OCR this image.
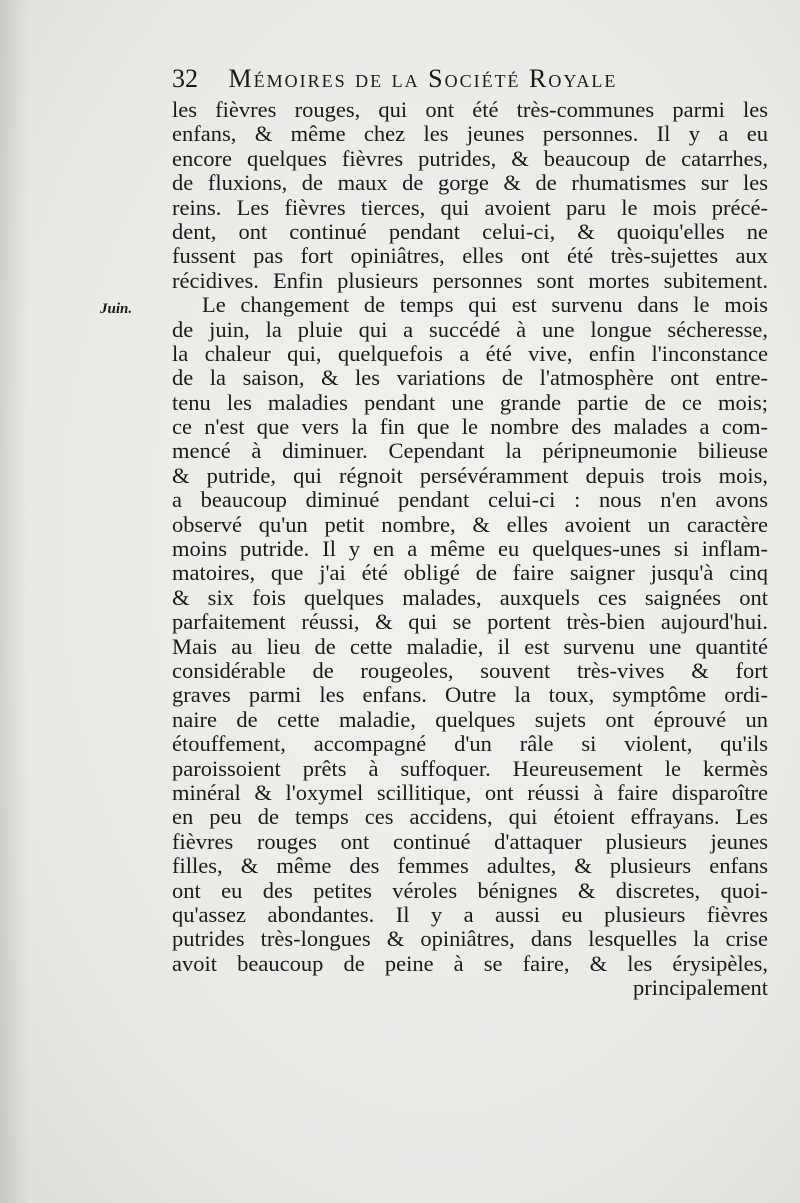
32 Mémoires de la Société Royale
Juin.
les fièvres rouges, qui ont été très-communes parmi les
enfans, & même chez les jeunes personnes. Il y a eu
encore quelques fièvres putrides, & beaucoup de catarrhes,
de fluxions, de maux de gorge & de rhumatismes sur les
reins. Les fièvres tierces, qui avoient paru le mois précé-
dent, ont continué pendant celui-ci, & quoiqu'elles ne
fussent pas fort opiniâtres, elles ont été très-sujettes aux
récidives. Enfin plusieurs personnes sont mortes subitement.
Le changement de temps qui est survenu dans le mois
de juin, la pluie qui a succédé à une longue sécheresse,
la chaleur qui, quelquefois a été vive, enfin l'inconstance
de la saison, & les variations de l'atmosphère ont entre-
tenu les maladies pendant une grande partie de ce mois;
ce n'est que vers la fin que le nombre des malades a com-
mencé à diminuer. Cependant la péripneumonie bilieuse
& putride, qui régnoit persévéramment depuis trois mois,
a beaucoup diminué pendant celui-ci : nous n'en avons
observé qu'un petit nombre, & elles avoient un caractère
moins putride. Il y en a même eu quelques-unes si inflam-
matoires, que j'ai été obligé de faire saigner jusqu'à cinq
& six fois quelques malades, auxquels ces saignées ont
parfaitement réussi, & qui se portent très-bien aujourd'hui.
Mais au lieu de cette maladie, il est survenu une quantité
considérable de rougeoles, souvent très-vives & fort
graves parmi les enfans. Outre la toux, symptôme ordi-
naire de cette maladie, quelques sujets ont éprouvé un
étouffement, accompagné d'un râle si violent, qu'ils
paroissoient prêts à suffoquer. Heureusement le kermès
minéral & l'oxymel scillitique, ont réussi à faire disparoître
en peu de temps ces accidens, qui étoient effrayans. Les
fièvres rouges ont continué d'attaquer plusieurs jeunes
filles, & même des femmes adultes, & plusieurs enfans
ont eu des petites véroles bénignes & discretes, quoi-
qu'assez abondantes. Il y a aussi eu plusieurs fièvres
putrides très-longues & opiniâtres, dans lesquelles la crise
avoit beaucoup de peine à se faire, & les érysipèles,
principalement
